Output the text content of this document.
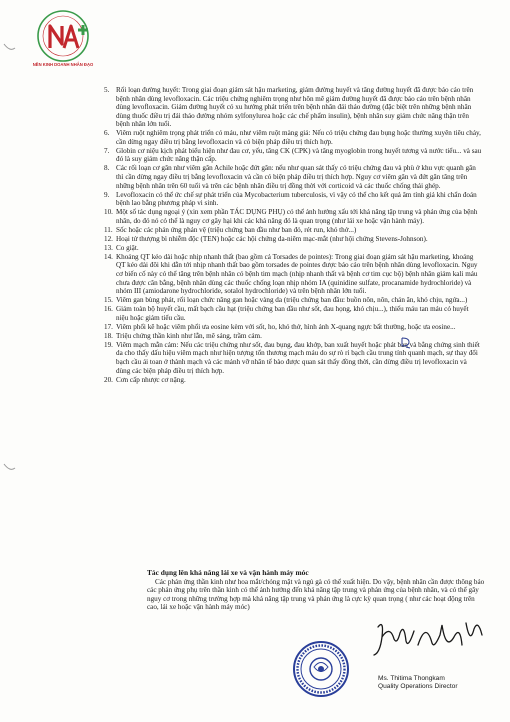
NỀN KINH DOANH NHÂN ĐẠO
5. Rối loạn đường huyết: Trong giai đoạn giám sát hậu marketing, giảm đường huyết và tăng đường huyết đã được báo cáo trên bệnh nhân dùng levofloxacin. Các triệu chứng nghiêm trọng như hôn mê giảm đường huyết đã được báo cáo trên bệnh nhân dùng levofloxacin. Giảm đường huyết có xu hướng phát triển trên bệnh nhân đái tháo đường (đặc biệt trên những bệnh nhân dùng thuốc điều trị đái tháo đường nhóm sylfonylurea hoặc các chế phẩm insulin), bệnh nhân suy giảm chức năng thận trên bệnh nhân lớn tuổi.
6. Viêm ruột nghiêm trọng phát triển có máu, như viêm ruột màng giả: Nếu có triệu chứng đau bụng hoặc thường xuyên tiêu chảy, cần dừng ngay điều trị bằng levofloxacin và có biện pháp điều trị thích hợp.
7. Globin cơ niệu kịch phát biểu hiện như đau cơ, yếu, tăng CK (CPK) và tăng myoglobin trong huyết tương và nước tiểu... và sau đó là suy giảm chức năng thận cấp.
8. Các rối loạn cơ gân như viêm gân Achile hoặc đứt gân: nếu như quan sát thấy có triệu chứng đau và phù ở khu vực quanh gân thì cần dừng ngay điều trị bằng levofloxacin và cần có biện pháp điều trị thích hợp. Nguy cơ viêm gân và đứt gân tăng trên những bệnh nhân trên 60 tuổi và trên các bệnh nhân điều trị đồng thời với corticoid và các thuốc chống thải ghép.
9. Levofloxacin có thể ức chế sự phát triển của Mycobacterium tuberculosis, vì vậy có thể cho kết quả âm tính giả khi chẩn đoán bệnh lao bằng phương pháp vi sinh.
10. Một số tác dụng ngoại ý (xin xem phần TÁC DỤNG PHỤ) có thể ảnh hưởng xấu tới khả năng tập trung và phản ứng của bệnh nhân, do đó nó có thể là nguy cơ gây hại khi các khả năng đó là quan trọng (như lái xe hoặc vận hành máy).
11. Sốc hoặc các phản ứng phản vệ (triệu chứng ban đầu như ban đỏ, rét run, khó thở...)
12. Hoại tử thượng bì nhiễm độc (TEN) hoặc các hội chứng da-niêm mạc-mắt (như hội chứng Stevens-Johnson).
13. Co giật.
14. Khoảng QT kéo dài hoặc nhịp nhanh thất (bao gồm cả Torsades de pointes): Trong giai đoạn giám sát hậu marketing, khoảng QT kéo dài đôi khi dẫn tới nhịp nhanh thất bao gồm torsades de pointes được báo cáo trên bệnh nhân dùng levofloxacin. Nguy cơ biến cố này có thể tăng trên bệnh nhân có bệnh tim mạch (nhịp nhanh thất và bệnh cơ tim cục bộ) bệnh nhân giảm kali máu chưa được cân bằng, bệnh nhân dùng các thuốc chống loạn nhịp nhóm IA (quinidine sulfate, procanamide hydrochloride) và nhóm III (amiodarone hydrochloride, sotalol hydrochloride) và trên bệnh nhân lớn tuổi.
15. Viêm gan bùng phát, rối loạn chức năng gan hoặc vàng da (triệu chứng ban đầu: buồn nôn, nôn, chán ăn, khó chịu, ngứa...)
16. Giảm toàn bộ huyết cầu, mất bạch cầu hạt (triệu chứng ban đầu như sốt, đau họng, khó chịu...), thiếu máu tan máu có huyết niệu hoặc giảm tiểu cầu.
17. Viêm phổi kẽ hoặc viêm phổi ưa eosine kèm với sốt, ho, khó thở, hình ảnh X-quang ngực bất thường, hoặc ưa eosine...
18. Triệu chứng thần kinh như lẫn, mê sảng, trầm cảm.
19. Viêm mạch mẫn cảm: Nếu các triệu chứng như sốt, đau bụng, đau khớp, ban xuất huyết hoặc phát ban và bằng chứng sinh thiết da cho thấy dấu hiệu viêm mạch như hiện tượng tổn thương mạch máu do sự rò rỉ bạch cầu trung tính quanh mạch, sự thay đổi bạch cầu ái toan ở thành mạch và các mảnh vỡ nhân tế bào được quan sát thấy đồng thời, cần dừng điều trị levofloxacin và dùng các biện pháp điều trị thích hợp.
20. Cơn cấp nhược cơ nặng.
Tác dụng lên khả năng lái xe và vận hành máy móc
Các phản ứng thần kinh như hoa mắt/chóng mặt và ngủ gà có thể xuất hiện. Do vậy, bệnh nhân cần được thông báo các phản ứng phụ trên thần kinh có thể ảnh hưởng đến khả năng tập trung và phản ứng của bệnh nhân, và có thể gây nguy cơ trong những trường hợp mà khả năng tập trung và phản ứng là cực kỳ quan trọng ( như các hoạt động trên cao, lái xe hoặc vận hành máy móc)
Ms. Thitima Thongkam
Quality Operations Director
